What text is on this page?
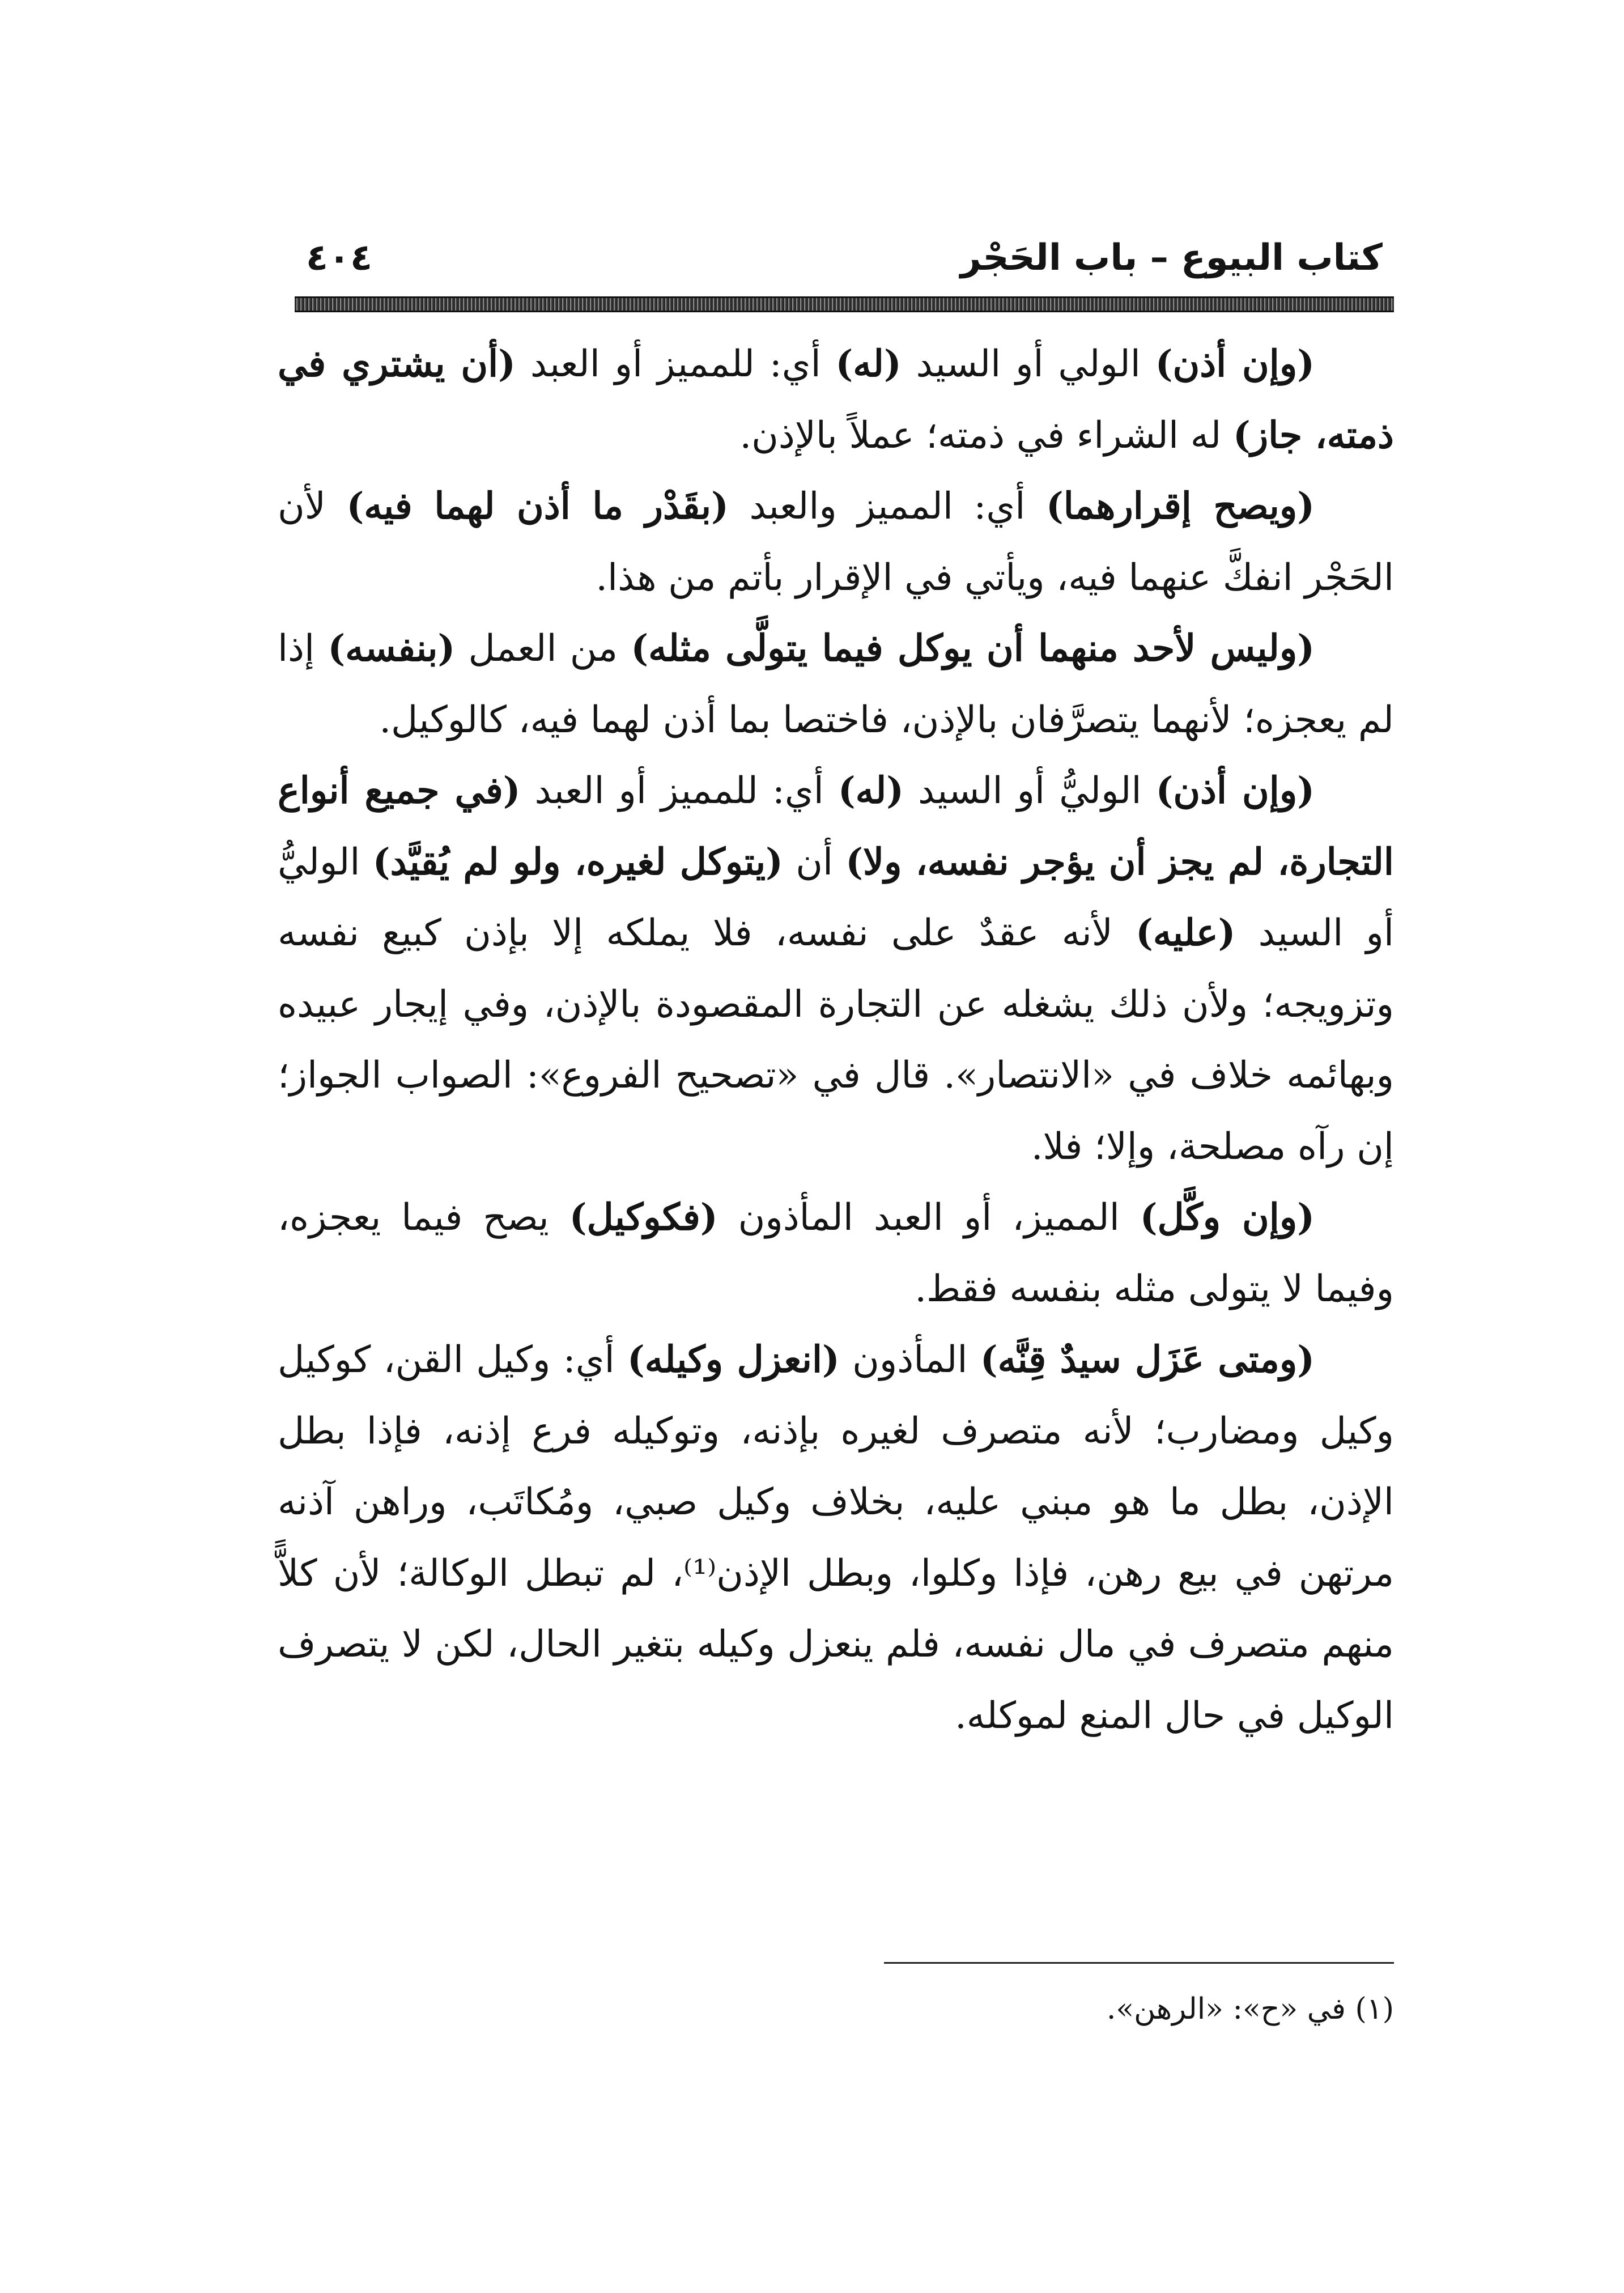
كتاب البيوع – باب الحَجْر
٤٠٤

(وإن أذن) الولي أو السيد (له) أي: للمميز أو العبد (أن يشتري في ذمته، جاز) له الشراء في ذمته؛ عملاً بالإذن.

(ويصح إقرارهما) أي: المميز والعبد (بقَدْر ما أذن لهما فيه) لأن الحَجْر انفكَّ عنهما فيه، ويأتي في الإقرار بأتم من هذا.

(وليس لأحد منهما أن يوكل فيما يتولَّى مثله) من العمل (بنفسه) إذا لم يعجزه؛ لأنهما يتصرَّفان بالإذن، فاختصا بما أذن لهما فيه، كالوكيل.

(وإن أذن) الوليُّ أو السيد (له) أي: للمميز أو العبد (في جميع أنواع التجارة، لم يجز أن يؤجر نفسه، ولا) أن (يتوكل لغيره، ولو لم يُقيَّد) الوليُّ أو السيد (عليه) لأنه عقدٌ على نفسه، فلا يملكه إلا بإذن كبيع نفسه وتزويجه؛ ولأن ذلك يشغله عن التجارة المقصودة بالإذن، وفي إيجار عبيده وبهائمه خلاف في «الانتصار». قال في «تصحيح الفروع»: الصواب الجواز؛ إن رآه مصلحة، وإلا؛ فلا.

(وإن وكَّل) المميز، أو العبد المأذون (فكوكيل) يصح فيما يعجزه، وفيما لا يتولى مثله بنفسه فقط.

(ومتى عَزَل سيدٌ قِنَّه) المأذون (انعزل وكيله) أي: وكيل القن، كوكيل وكيل ومضارب؛ لأنه متصرف لغيره بإذنه، وتوكيله فرع إذنه، فإذا بطل الإذن، بطل ما هو مبني عليه، بخلاف وكيل صبي، ومُكاتَب، وراهن آذنه مرتهن في بيع رهن، فإذا وكلوا، وبطل الإذن⁽¹⁾، لم تبطل الوكالة؛ لأن كلاًّ منهم متصرف في مال نفسه، فلم ينعزل وكيله بتغير الحال، لكن لا يتصرف الوكيل في حال المنع لموكله.

(١) في «ح»: «الرهن».
